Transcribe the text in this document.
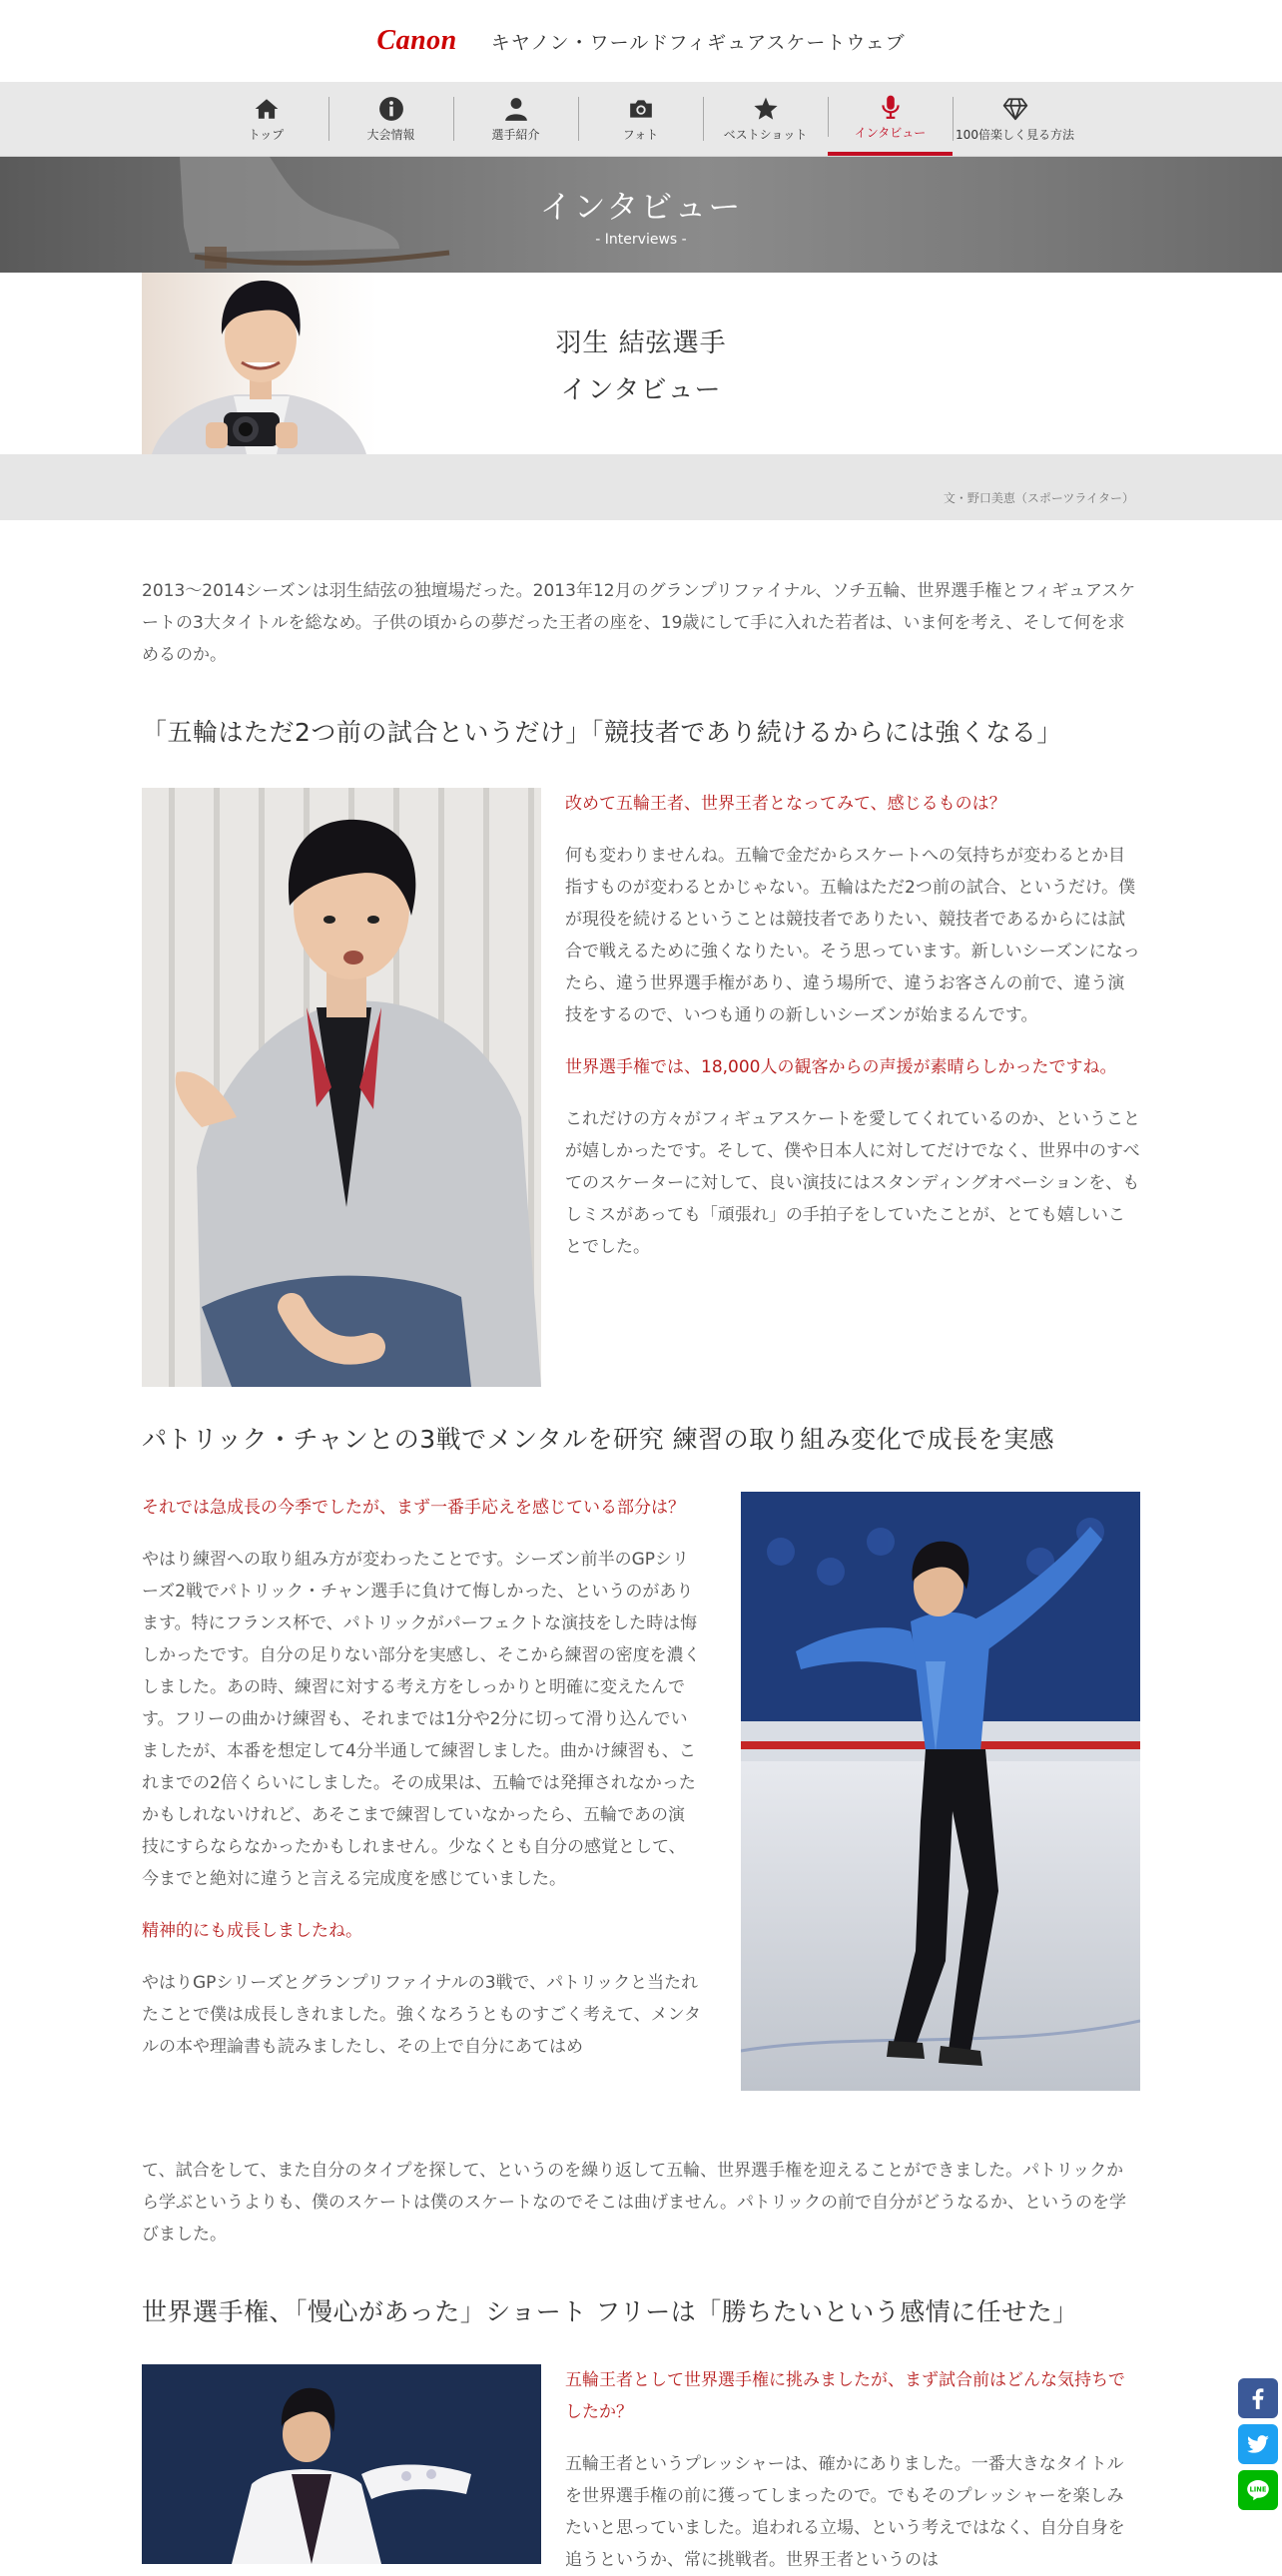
Canon キヤノン・ワールドフィギュアスケートウェブ
トップ	大会情報	選手紹介	フォト	ベストショット	インタビュー 100倍楽しく見る方法
インタビュー
- Interviews -
羽生 結弦選手
インタビュー
文・野口美恵（スポーツライター）

2013～2014シーズンは羽生結弦の独壇場だった。2013年12月のグランプリファイナル、ソチ五輪、世界選手権とフィギュアスケートの3大タイトルを総なめ。子供の頃からの夢だった王者の座を、19歳にして手に入れた若者は、いま何を考え、そして何を求めるのか。

「五輪はただ2つ前の試合というだけ」「競技者であり続けるからには強くなる」

改めて五輪王者、世界王者となってみて、感じるものは？

何も変わりませんね。五輪で金だからスケートへの気持ちが変わるとか目指すものが変わるとかじゃない。五輪はただ2つ前の試合、というだけ。僕が現役を続けるということは競技者でありたい、競技者であるからには試合で戦えるために強くなりたい。そう思っています。新しいシーズンになったら、違う世界選手権があり、違う場所で、違うお客さんの前で、違う演技をするので、いつも通りの新しいシーズンが始まるんです。

世界選手権では、18,000人の観客からの声援が素晴らしかったですね。

これだけの方々がフィギュアスケートを愛してくれているのか、ということが嬉しかったです。そして、僕や日本人に対してだけでなく、世界中のすべてのスケーターに対して、良い演技にはスタンディングオベーションを、もしミスがあっても「頑張れ」の手拍子をしていたことが、とても嬉しいことでした。

パトリック・チャンとの3戦でメンタルを研究 練習の取り組み変化で成長を実感

それでは急成長の今季でしたが、まず一番手応えを感じている部分は？

やはり練習への取り組み方が変わったことです。シーズン前半のGPシリーズ2戦でパトリック・チャン選手に負けて悔しかった、というのがあります。特にフランス杯で、パトリックがパーフェクトな演技をした時は悔しかったです。自分の足りない部分を実感し、そこから練習の密度を濃くしました。あの時、練習に対する考え方をしっかりと明確に変えたんです。フリーの曲かけ練習も、それまでは1分や2分に切って滑り込んでいましたが、本番を想定して4分半通して練習しました。曲かけ練習も、これまでの2倍くらいにしました。その成果は、五輪では発揮されなかったかもしれないけれど、あそこまで練習していなかったら、五輪であの演技にすらならなかったかもしれません。少なくとも自分の感覚として、今までと絶対に違うと言える完成度を感じていました。

精神的にも成長しましたね。

やはりGPシリーズとグランプリファイナルの3戦で、パトリックと当たれたことで僕は成長しきれました。強くなろうとものすごく考えて、メンタルの本や理論書も読みましたし、その上で自分にあてはめ

て、試合をして、また自分のタイプを探して、というのを繰り返して五輪、世界選手権を迎えることができました。パトリックから学ぶというよりも、僕のスケートは僕のスケートなのでそこは曲げません。パトリックの前で自分がどうなるか、というのを学びました。

世界選手権、「慢心があった」ショート フリーは「勝ちたいという感情に任せた」

五輪王者として世界選手権に挑みましたが、まず試合前はどんな気持ちでしたか？

五輪王者というプレッシャーは、確かにありました。一番大きなタイトルを世界選手権の前に獲ってしまったので。でもそのプレッシャーを楽しみたいと思っていました。追われる立場、という考えではなく、自分自身を追うというか、常に挑戦者。世界王者というのは

LINE
